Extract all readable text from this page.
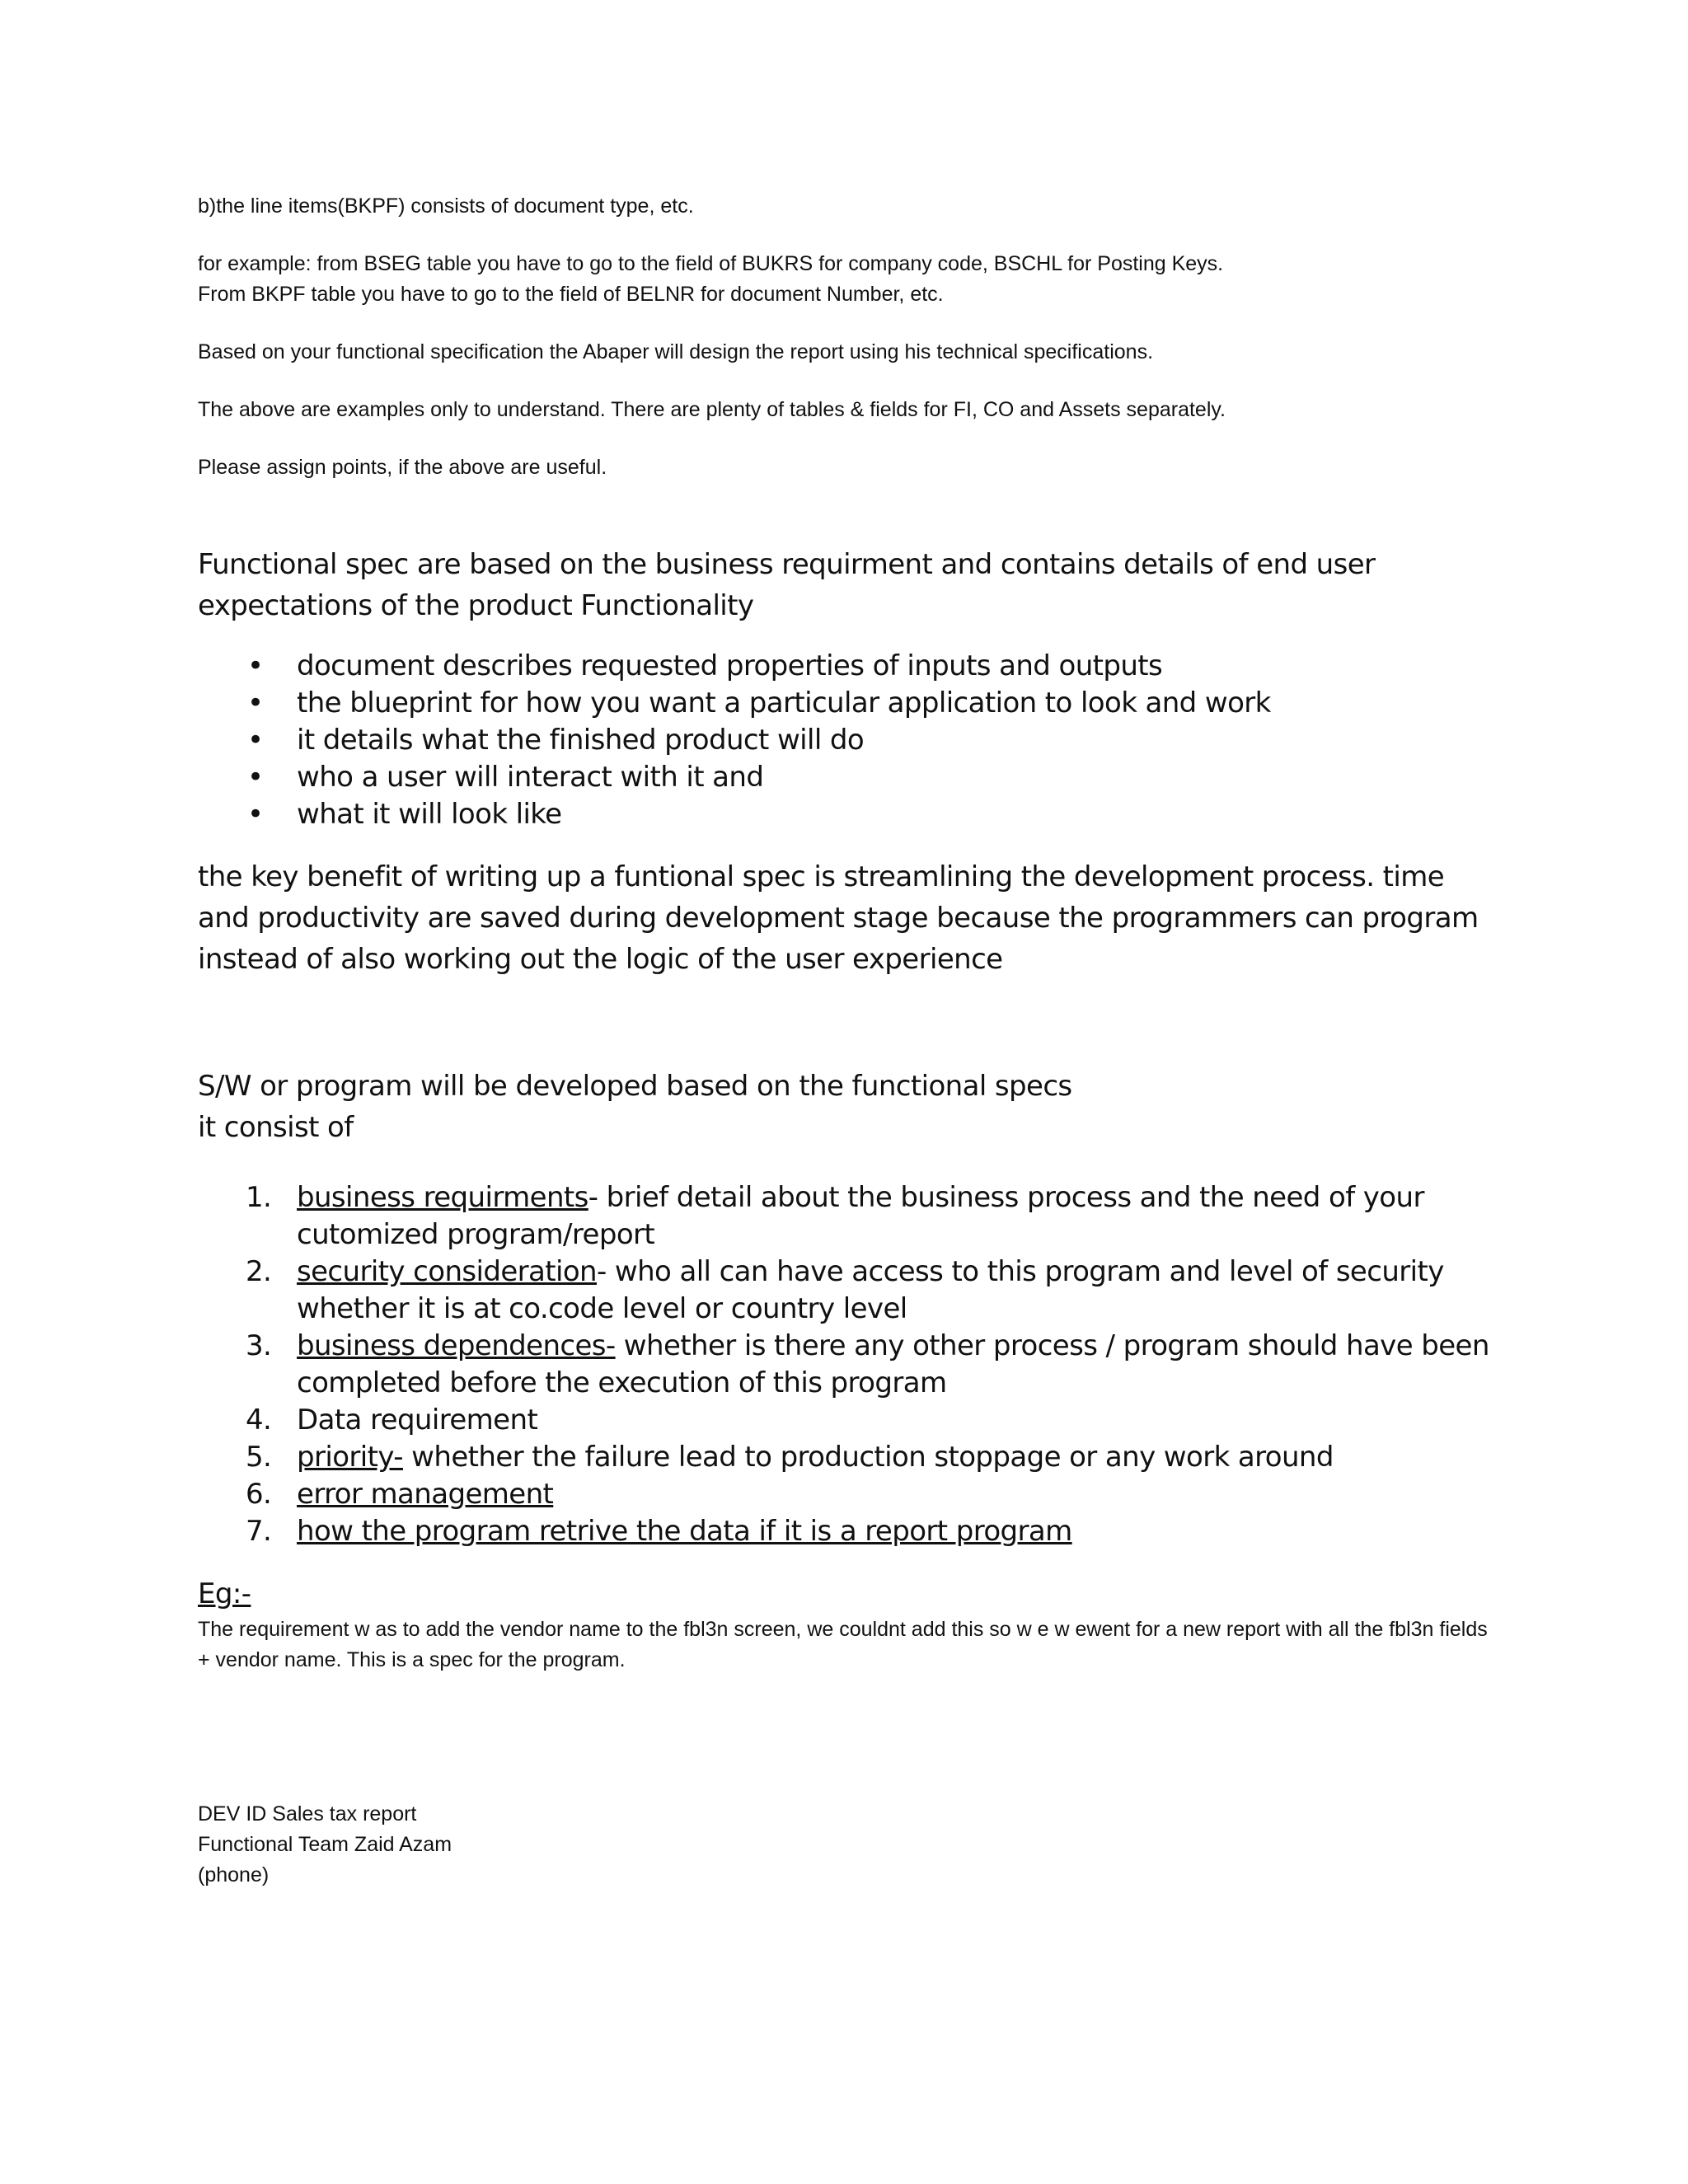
b)the line items(BKPF) consists of document type, etc.

for example: from BSEG table you have to go to the field of BUKRS for company code, BSCHL for Posting Keys.

From BKPF table you have to go to the field of BELNR for document Number, etc.

Based on your functional specification the Abaper will design the report using his technical specifications.

The above are examples only to understand. There are plenty of tables & fields for FI, CO and Assets separately.

Please assign points, if the above are useful.

Functional spec are based on the business requirment and contains details of end user expectations of the product Functionality

• document describes requested properties of inputs and outputs
• the blueprint for how you want a particular application to look and work
• it details what the finished product will do
• who a user will interact with it and
• what it will look like

the key benefit of writing up a funtional spec is streamlining the development process. time and productivity are saved during development stage because the programmers can program instead of also working out the logic of the user experience

S/W or program will be developed based on the functional specs

it consist of

1. business requirments- brief detail about the business process and the need of your cutomized program/report
2. security consideration- who all can have access to this program and level of security whether it is at co.code level or country level
3. business dependences- whether is there any other process / program should have been completed before the execution of this program
4. Data requirement
5. priority- whether the failure lead to production stoppage or any work around
6. error management
7. how the program retrive the data if it is a report program

Eg:-

The requirement w as to add the vendor name to the fbl3n screen, we couldnt add this so w e w ewent for a new report with all the fbl3n fields + vendor name. This is a spec for the program.

DEV ID Sales tax report

Functional Team Zaid Azam

(phone)
